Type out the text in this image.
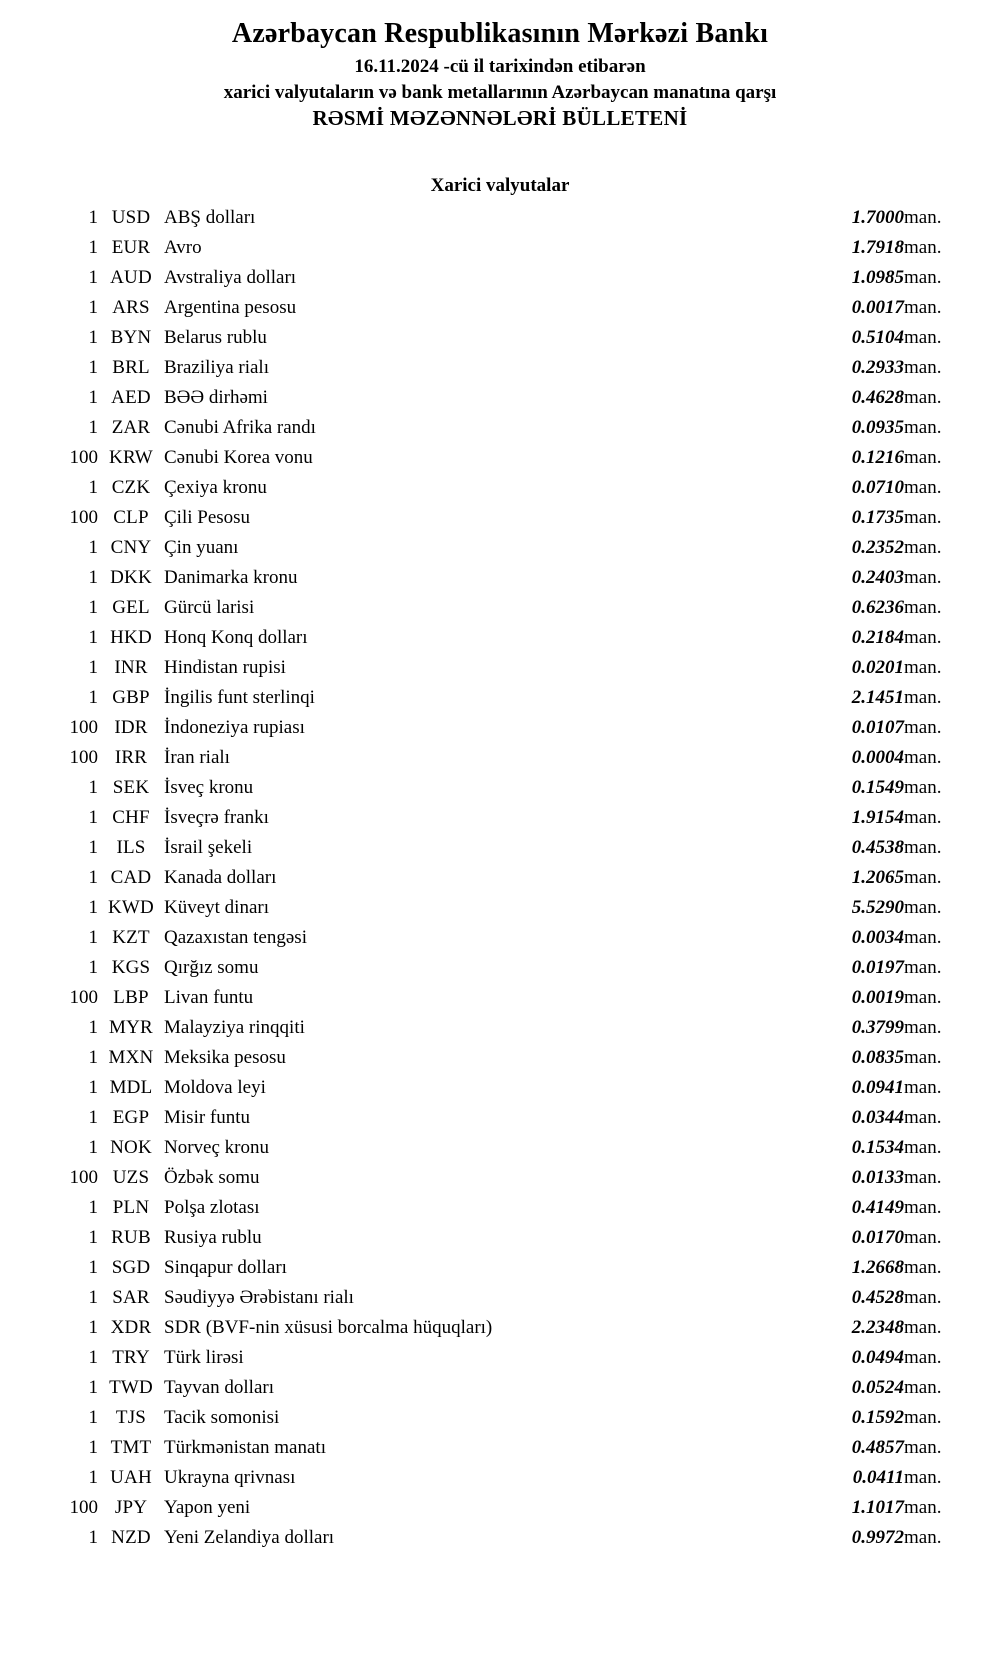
Azərbaycan Respublikasının Mərkəzi Bankı
16.11.2024 -cü il tarixindən etibarən
xarici valyutaların və bank metallarının Azərbaycan manatına qarşı
RƏSMİ MƏZƏNNƏLƏRİ BÜLLETENİ
Xarici valyutalar
1	USD	ABŞ dolları	1.7000	man.
1	EUR	Avro	1.7918	man.
1	AUD	Avstraliya dolları	1.0985	man.
1	ARS	Argentina pesosu	0.0017	man.
1	BYN	Belarus rublu	0.5104	man.
1	BRL	Braziliya rialı	0.2933	man.
1	AED	BƏƏ dirhəmi	0.4628	man.
1	ZAR	Cənubi Afrika randı	0.0935	man.
100	KRW	Cənubi Korea vonu	0.1216	man.
1	CZK	Çexiya kronu	0.0710	man.
100	CLP	Çili Pesosu	0.1735	man.
1	CNY	Çin yuanı	0.2352	man.
1	DKK	Danimarka kronu	0.2403	man.
1	GEL	Gürcü larisi	0.6236	man.
1	HKD	Honq Konq dolları	0.2184	man.
1	INR	Hindistan rupisi	0.0201	man.
1	GBP	İngilis funt sterlinqi	2.1451	man.
100	IDR	İndoneziya rupiası	0.0107	man.
100	IRR	İran rialı	0.0004	man.
1	SEK	İsveç kronu	0.1549	man.
1	CHF	İsveçrə frankı	1.9154	man.
1	ILS	İsrail şekeli	0.4538	man.
1	CAD	Kanada dolları	1.2065	man.
1	KWD	Küveyt dinarı	5.5290	man.
1	KZT	Qazaxıstan tengəsi	0.0034	man.
1	KGS	Qırğız somu	0.0197	man.
100	LBP	Livan funtu	0.0019	man.
1	MYR	Malayziya rinqqiti	0.3799	man.
1	MXN	Meksika pesosu	0.0835	man.
1	MDL	Moldova leyi	0.0941	man.
1	EGP	Misir funtu	0.0344	man.
1	NOK	Norveç kronu	0.1534	man.
100	UZS	Özbək somu	0.0133	man.
1	PLN	Polşa zlotası	0.4149	man.
1	RUB	Rusiya rublu	0.0170	man.
1	SGD	Sinqapur dolları	1.2668	man.
1	SAR	Səudiyyə Ərəbistanı rialı	0.4528	man.
1	XDR	SDR (BVF-nin xüsusi borcalma hüquqları)	2.2348	man.
1	TRY	Türk lirəsi	0.0494	man.
1	TWD	Tayvan dolları	0.0524	man.
1	TJS	Tacik somonisi	0.1592	man.
1	TMT	Türkmənistan manatı	0.4857	man.
1	UAH	Ukrayna qrivnası	0.0411	man.
100	JPY	Yapon yeni	1.1017	man.
1	NZD	Yeni Zelandiya dolları	0.9972	man.
